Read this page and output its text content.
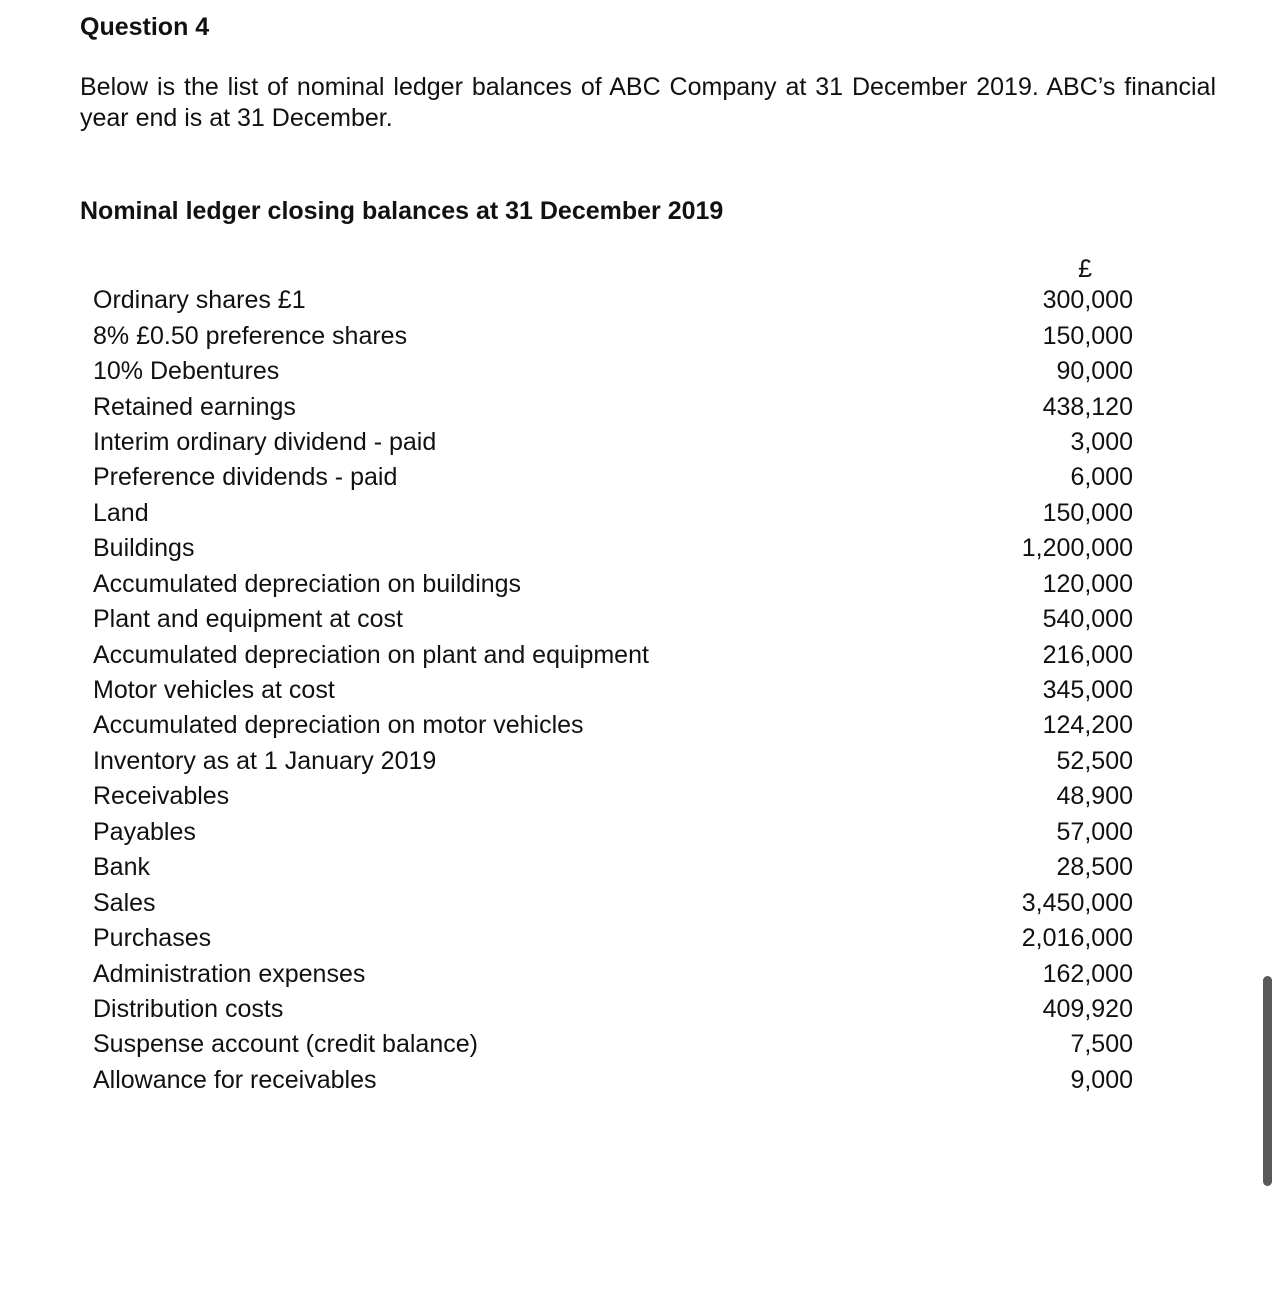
Question 4

Below is the list of nominal ledger balances of ABC Company at 31 December 2019. ABC’s financial year end is at 31 December.

Nominal ledger closing balances at 31 December 2019
£
Ordinary shares £1	300,000
8% £0.50 preference shares	150,000
10% Debentures	90,000
Retained earnings	438,120
Interim ordinary dividend - paid	3,000
Preference dividends - paid	6,000
Land	150,000
Buildings	1,200,000
Accumulated depreciation on buildings	120,000
Plant and equipment at cost	540,000
Accumulated depreciation on plant and equipment	216,000
Motor vehicles at cost	345,000
Accumulated depreciation on motor vehicles	124,200
Inventory as at 1 January 2019	52,500
Receivables	48,900
Payables	57,000
Bank	28,500
Sales	3,450,000
Purchases	2,016,000
Administration expenses	162,000
Distribution costs	409,920
Suspense account (credit balance)	7,500
Allowance for receivables	9,000
